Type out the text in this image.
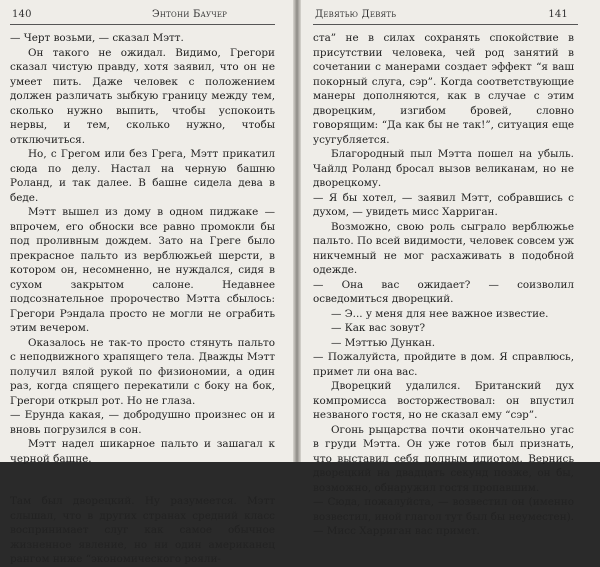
140	Энтони Баучер

— Черт возьми, — сказал Мэтт.

Он такого не ожидал. Видимо, Грегори сказал чистую правду, хотя заявил, что он не умеет пить. Даже человек с положением должен различать зыбкую границу между тем, сколько нужно выпить, чтобы успокоить нервы, и тем, сколько нужно, чтобы отключиться.

Но, с Грегом или без Грега, Мэтт прикатил сюда по делу. Настал на черную башню Роланд, и так далее. В башне сидела дева в беде.

Мэтт вышел из дому в одном пиджаке — впрочем, его обноски все равно промокли бы под проливным дождем. Зато на Греге было прекрасное пальто из верблюжьей шерсти, в котором он, несомненно, не нуждался, сидя в сухом закрытом салоне. Недавнее подсознательное пророчество Мэтта сбылось: Грегори Рэндала просто не могли не ограбить этим вечером.

Оказалось не так-то просто стянуть пальто с неподвижного храпящего тела. Дважды Мэтт получил вялой рукой по физиономии, а один раз, когда спящего перекатили с боку на бок, Грегори открыл рот. Но не глаза.

— Ерунда какая, — добродушно произнес он и вновь погрузился в сон.

Мэтт надел шикарное пальто и зашагал к черной башне.

Там был дворецкий. Ну разумеется. Мэтт слышал, что в других странах средний класс воспринимает слуг как самое обычное жизненное явление, но ни один американец рангом ниже “экономического рояли-

Девятью Девять	141

ста” не в силах сохранять спокойствие в присутствии человека, чей род занятий в сочетании с манерами создает эффект “я ваш покорный слуга, сэр”. Когда соответствующие манеры дополняются, как в случае с этим дворецким, изгибом бровей, словно говорящим: “Да как бы не так!”, ситуация еще усугубляется.

Благородный пыл Мэтта пошел на убыль. Чайлд Роланд бросал вызов великанам, но не дворецкому.

— Я бы хотел, — заявил Мэтт, собравшись с духом, — увидеть мисс Харриган.

Возможно, свою роль сыграло верблюжье пальто. По всей видимости, человек совсем уж никчемный не мог расхаживать в подобной одежде.

— Она вас ожидает? — соизволил осведомиться дворецкий.

— Э... у меня для нее важное известие.

— Как вас зовут?

— Мэттью Дункан.

— Пожалуйста, пройдите в дом. Я справлюсь, примет ли она вас.

Дворецкий удалился. Британский дух компромисса восторжествовал: он впустил незваного гостя, но не сказал ему “сэр”.

Огонь рыцарства почти окончательно угас в груди Мэтта. Он уже готов был признать, что выставил себя полным идиотом. Вернись дворецкий на двадцать секунд позже, он бы, возможно, обнаружил гостя пропавшим.

— Сюда, пожалуйста, — возвестил он (именно возвестил, иной глагол тут был бы неуместен). — Мисс Харриган вас примет.
